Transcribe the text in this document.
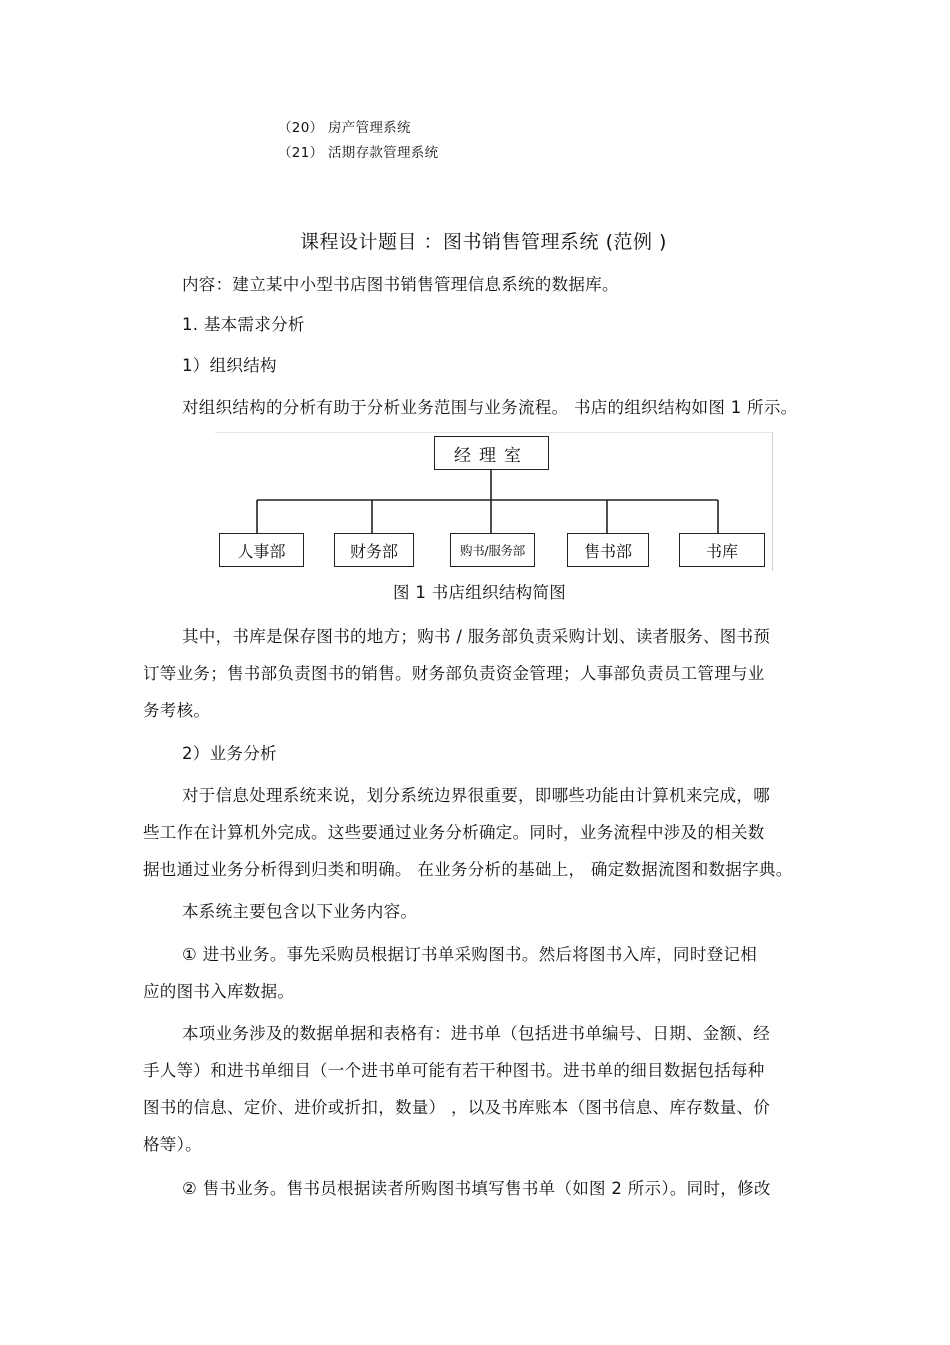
（20） 房产管理系统
（21） 活期存款管理系统
课程设计题目 ：图书销售管理系统 (范例 )
内容：建立某中小型书店图书销售管理信息系统的数据库。
1. 基本需求分析
1）组织结构
对组织结构的分析有助于分析业务范围与业务流程。 书店的组织结构如图 1 所示。
经理室
人事部	财务部	购书/服务部	售书部	书库
图 1 书店组织结构简图
其中，书库是保存图书的地方；购书 / 服务部负责采购计划、读者服务、图书预
订等业务；售书部负责图书的销售。财务部负责资金管理；人事部负责员工管理与业
务考核。
2）业务分析
对于信息处理系统来说，划分系统边界很重要，即哪些功能由计算机来完成，哪
些工作在计算机外完成。这些要通过业务分析确定。同时，业务流程中涉及的相关数
据也通过业务分析得到归类和明确。 在业务分析的基础上， 确定数据流图和数据字典。
本系统主要包含以下业务内容。
① 进书业务。事先采购员根据订书单采购图书。然后将图书入库，同时登记相
应的图书入库数据。
本项业务涉及的数据单据和表格有：进书单（包括进书单编号、日期、金额、经
手人等）和进书单细目（一个进书单可能有若干种图书。进书单的细目数据包括每种
图书的信息、定价、进价或折扣，数量） ，以及书库账本（图书信息、库存数量、价
格等）。
② 售书业务。售书员根据读者所购图书填写售书单（如图 2 所示）。同时，修改
